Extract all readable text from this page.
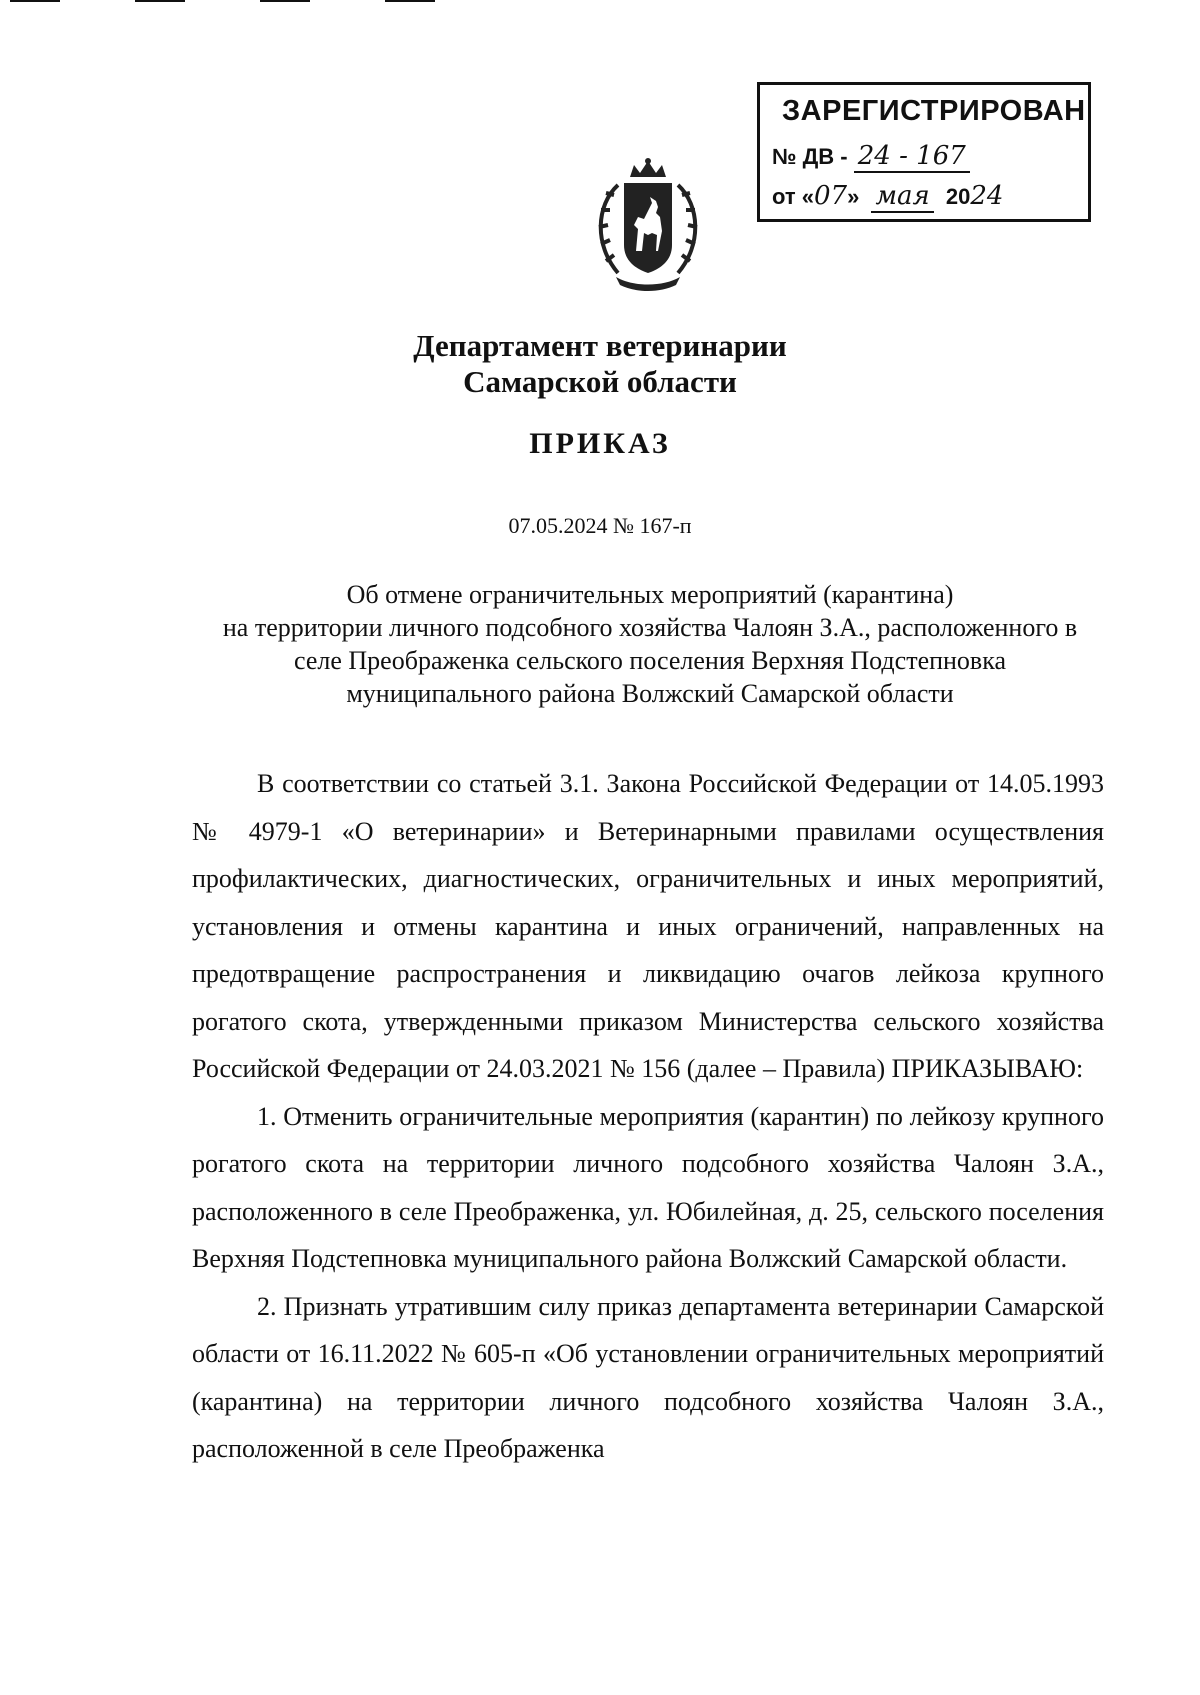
ЗАРЕГИСТРИРОВАН
№ ДВ - 24 - 167
от «07» мая 2024
Департамент ветеринарии
Самарской области
ПРИКАЗ
07.05.2024 № 167-п
Об отмене ограничительных мероприятий (карантина)
на территории личного подсобного хозяйства Чалоян З.А., расположенного в
селе Преображенка сельского поселения Верхняя Подстепновка
муниципального района Волжский Самарской области

В соответствии со статьей 3.1. Закона Российской Федерации от 14.05.1993 № 4979-1 «О ветеринарии» и Ветеринарными правилами осуществления профилактических, диагностических, ограничительных и иных мероприятий, установления и отмены карантина и иных ограничений, направленных на предотвращение распространения и ликвидацию очагов лейкоза крупного рогатого скота, утвержденными приказом Министерства сельского хозяйства Российской Федерации от 24.03.2021 № 156 (далее – Правила) ПРИКАЗЫВАЮ:

1. Отменить ограничительные мероприятия (карантин) по лейкозу крупного рогатого скота на территории личного подсобного хозяйства Чалоян З.А., расположенного в селе Преображенка, ул. Юбилейная, д. 25, сельского поселения Верхняя Подстепновка муниципального района Волжский Самарской области.

2. Признать утратившим силу приказ департамента ветеринарии Самарской области от 16.11.2022 № 605-п «Об установлении ограничительных мероприятий (карантина) на территории личного подсобного хозяйства Чалоян З.А., расположенной в селе Преображенка
